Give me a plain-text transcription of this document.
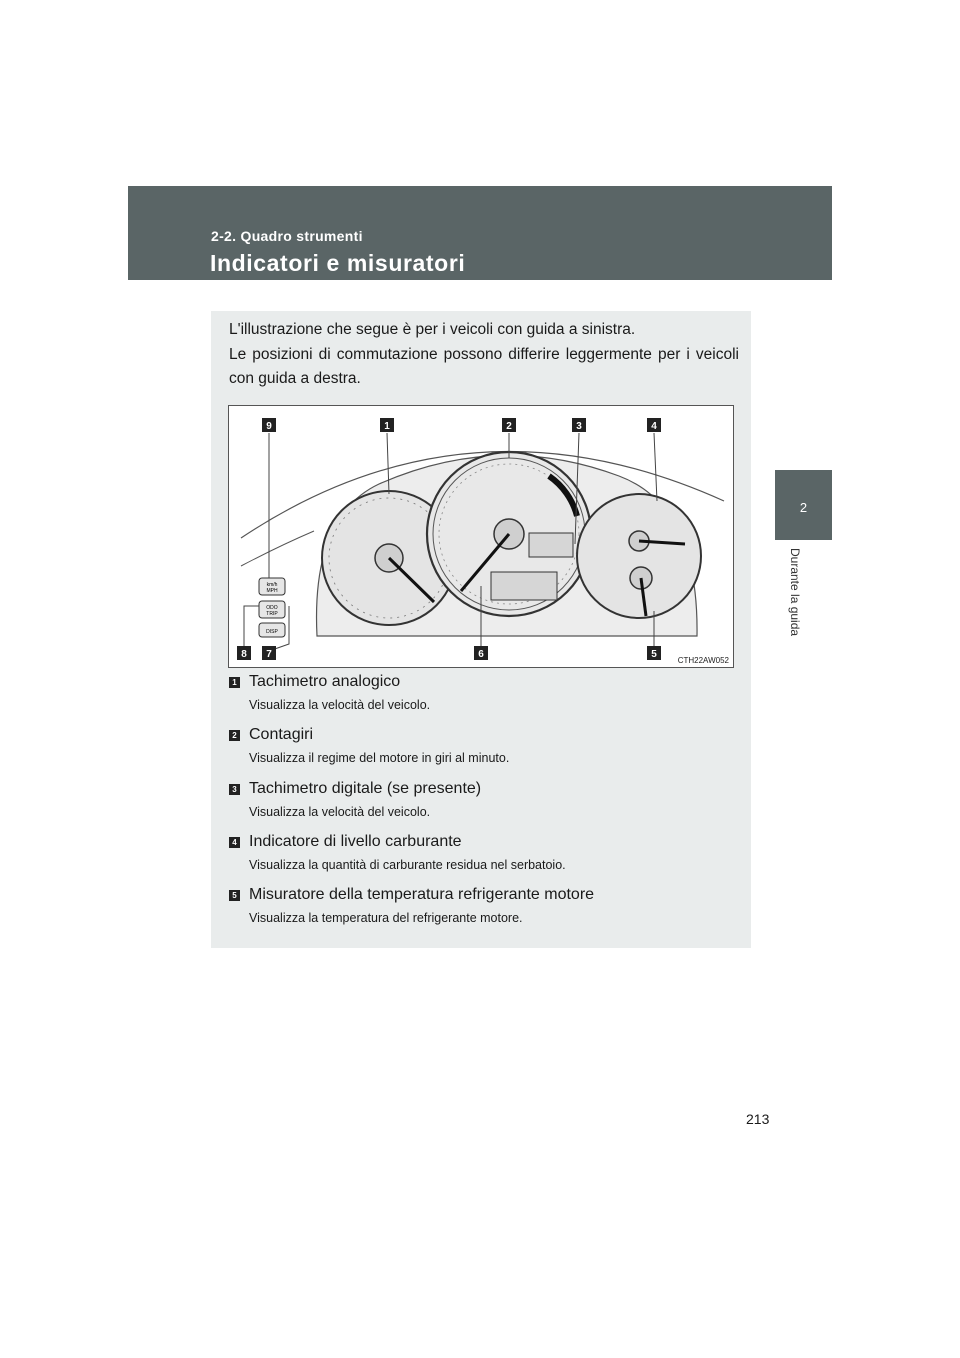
2-2. Quadro strumenti
Indicatori e misuratori
2
Durante la guida

L'illustrazione che segue è per i veicoli con guida a sinistra.

Le posizioni di commutazione possono differire leggermente per i veicoli con guida a destra.

km/h
MPH
ODO
TRIP
DISP
9	1	2	3	4
8 7	6	5
CTH22AW052
1 Tachimetro analogico
Visualizza la velocità del veicolo.
2 Contagiri
Visualizza il regime del motore in giri al minuto.
3 Tachimetro digitale (se presente)
Visualizza la velocità del veicolo.
4 Indicatore di livello carburante
Visualizza la quantità di carburante residua nel serbatoio.
5 Misuratore della temperatura refrigerante motore
Visualizza la temperatura del refrigerante motore.
213
